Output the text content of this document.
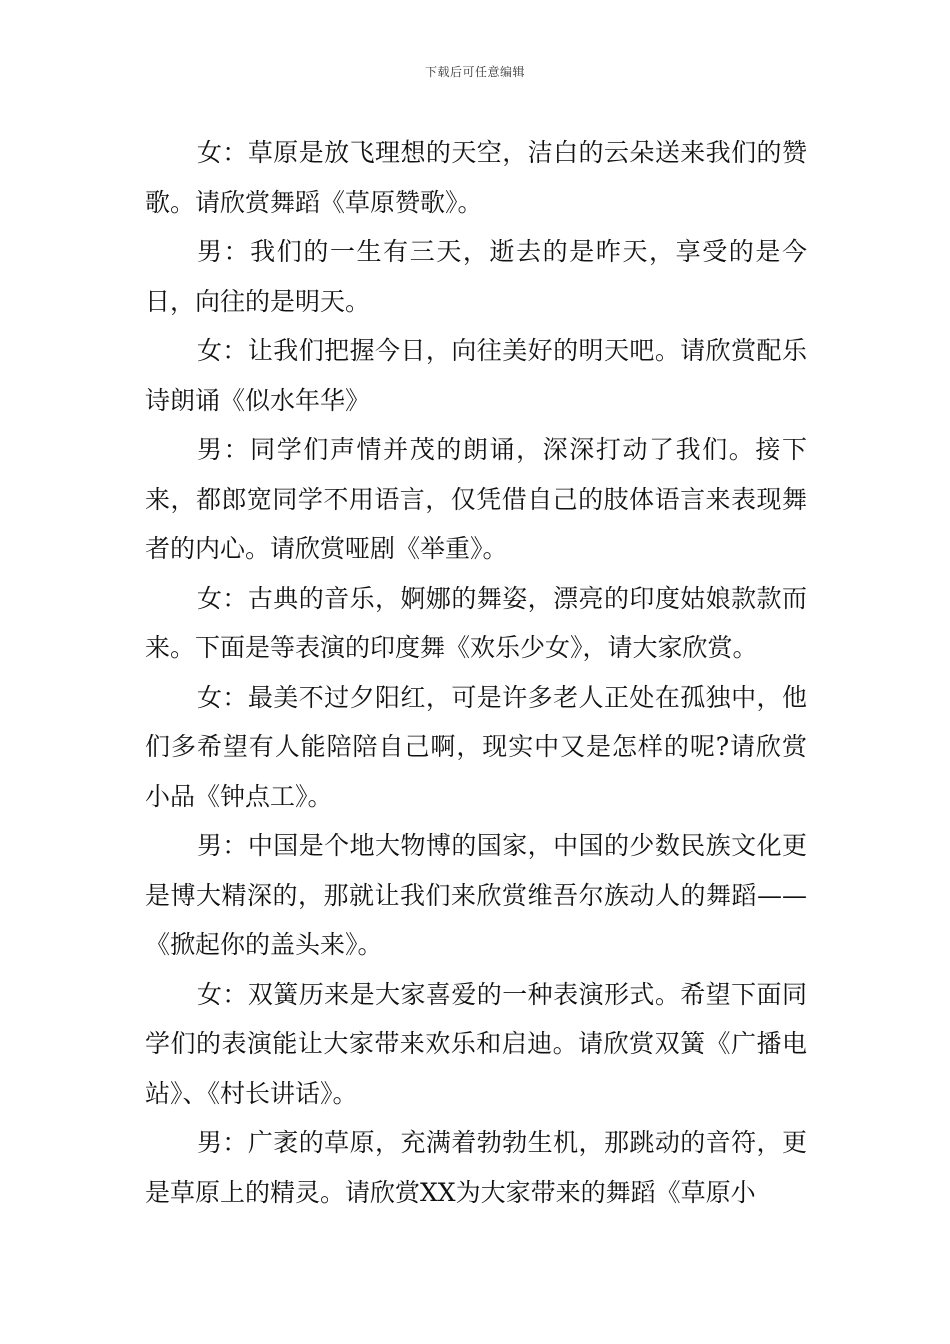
下载后可任意编辑

女：草原是放飞理想的天空，洁白的云朵送来我们的赞歌。请欣赏舞蹈《草原赞歌》。

男：我们的一生有三天，逝去的是昨天，享受的是今日，向往的是明天。

女：让我们把握今日，向往美好的明天吧。请欣赏配乐诗朗诵《似水年华》

男：同学们声情并茂的朗诵，深深打动了我们。接下来，都郎宽同学不用语言，仅凭借自己的肢体语言来表现舞者的内心。请欣赏哑剧《举重》。

女：古典的音乐，婀娜的舞姿，漂亮的印度姑娘款款而来。下面是等表演的印度舞《欢乐少女》，请大家欣赏。

女：最美不过夕阳红，可是许多老人正处在孤独中，他们多希望有人能陪陪自己啊，现实中又是怎样的呢?请欣赏小品《钟点工》。

男：中国是个地大物博的国家，中国的少数民族文化更是博大精深的，那就让我们来欣赏维吾尔族动人的舞蹈——《掀起你的盖头来》。

女：双簧历来是大家喜爱的一种表演形式。希望下面同学们的表演能让大家带来欢乐和启迪。请欣赏双簧《广播电站》、《村长讲话》。

男：广袤的草原，充满着勃勃生机，那跳动的音符，更是草原上的精灵。请欣赏XX为大家带来的舞蹈《草原小
